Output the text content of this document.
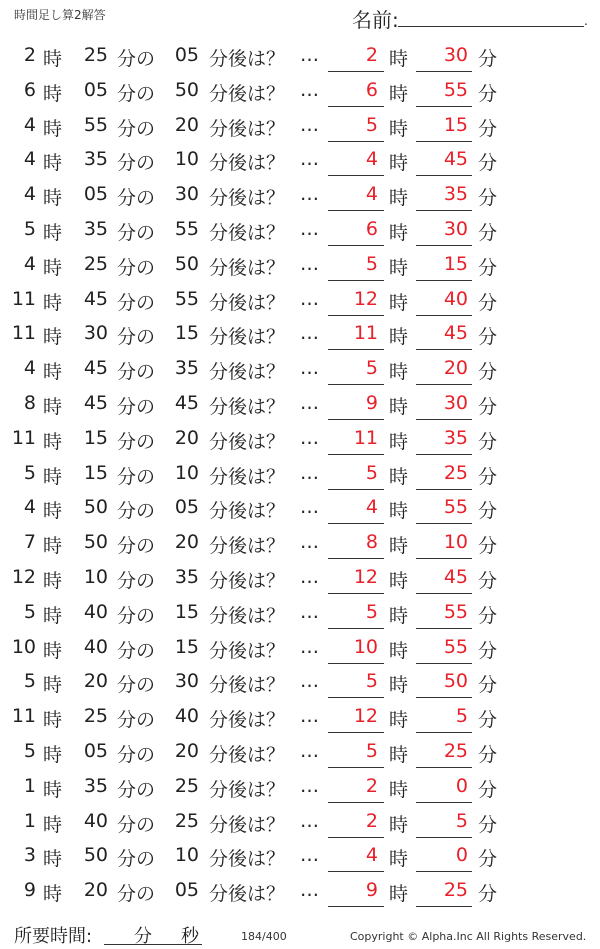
時間足し算2解答	名前:	.
2 時	25 分の	05 分後は？ …	2 時	30 分
6 時	05 分の	50 分後は？ …	6 時	55 分
4 時	55 分の	20 分後は？ …	5 時	15 分
4 時	35 分の	10 分後は？ …	4 時	45 分
4 時	05 分の	30 分後は？ …	4 時	35 分
5 時	35 分の	55 分後は？ …	6 時	30 分
4 時	25 分の	50 分後は？ …	5 時	15 分
11 時	45 分の	55 分後は？ …	12 時	40 分
11 時	30 分の	15 分後は？ …	11 時	45 分
4 時	45 分の	35 分後は？ …	5 時	20 分
8 時	45 分の	45 分後は？ …	9 時	30 分
11 時	15 分の	20 分後は？ …	11 時	35 分
5 時	15 分の	10 分後は？ …	5 時	25 分
4 時	50 分の	05 分後は？ …	4 時	55 分
7 時	50 分の	20 分後は？ …	8 時	10 分
12 時	10 分の	35 分後は？ …	12 時	45 分
5 時	40 分の	15 分後は？ …	5 時	55 分
10 時	40 分の	15 分後は？ …	10 時	55 分
5 時	20 分の	30 分後は？ …	5 時	50 分
11 時	25 分の	40 分後は？ …	12 時	5 分
5 時	05 分の	20 分後は？ …	5 時	25 分
1 時	35 分の	25 分後は？ …	2 時	0 分
1 時	40 分の	25 分後は？ …	2 時	5 分
3 時	50 分の	10 分後は？ …	4 時	0 分
9 時	20 分の	05 分後は？ …	9 時	25 分
所要時間: 分 秒	184/400	Copyright © Alpha.Inc All Rights Reserved.
